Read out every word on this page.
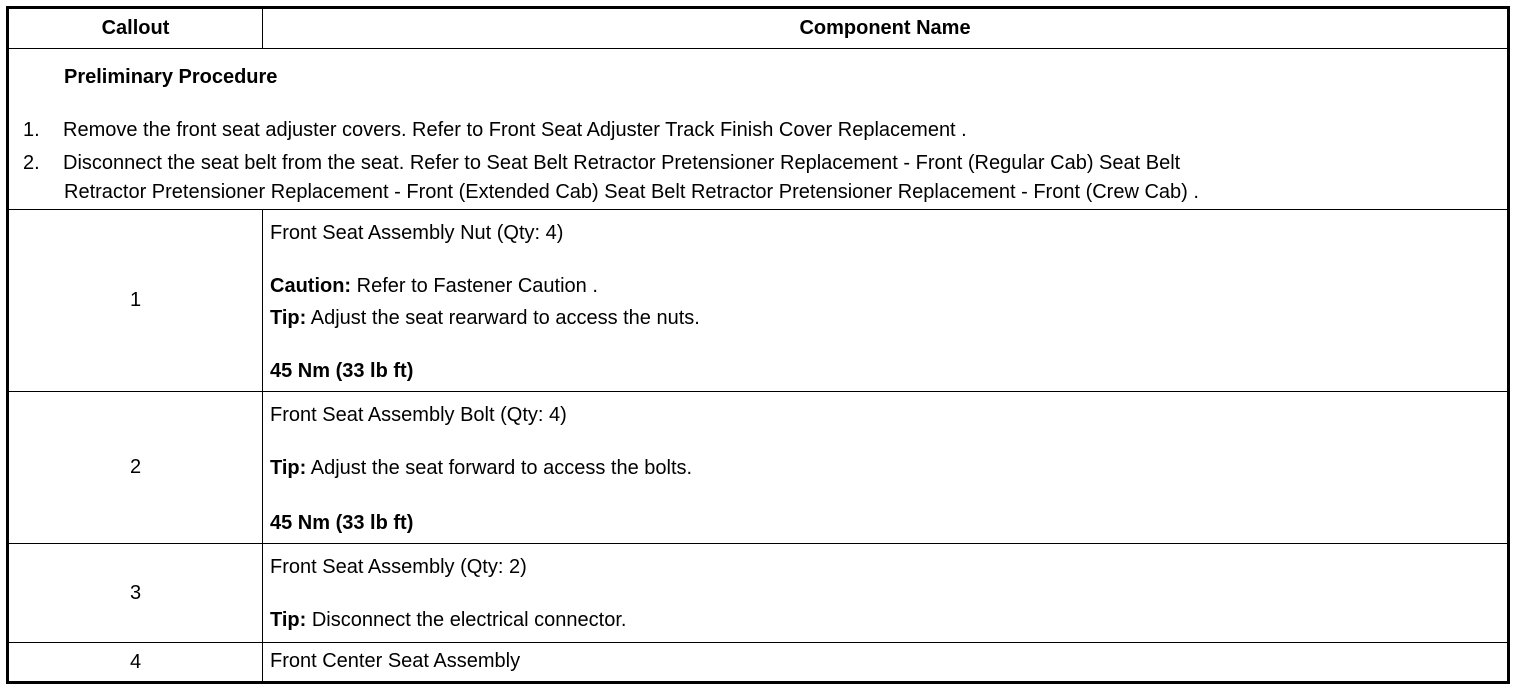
Callout	Component Name
Preliminary Procedure
1. Remove the front seat adjuster covers. Refer to Front Seat Adjuster Track Finish Cover Replacement .
2. Disconnect the seat belt from the seat. Refer to Seat Belt Retractor Pretensioner Replacement - Front (Regular Cab) Seat Belt
Retractor Pretensioner Replacement - Front (Extended Cab) Seat Belt Retractor Pretensioner Replacement - Front (Crew Cab) .
1
Front Seat Assembly Nut (Qty: 4)
Caution: Refer to Fastener Caution .
Tip: Adjust the seat rearward to access the nuts.
45 Nm (33 lb ft)
2
Front Seat Assembly Bolt (Qty: 4)
Tip: Adjust the seat forward to access the bolts.
45 Nm (33 lb ft)
3
Front Seat Assembly (Qty: 2)
Tip: Disconnect the electrical connector.
4	Front Center Seat Assembly
